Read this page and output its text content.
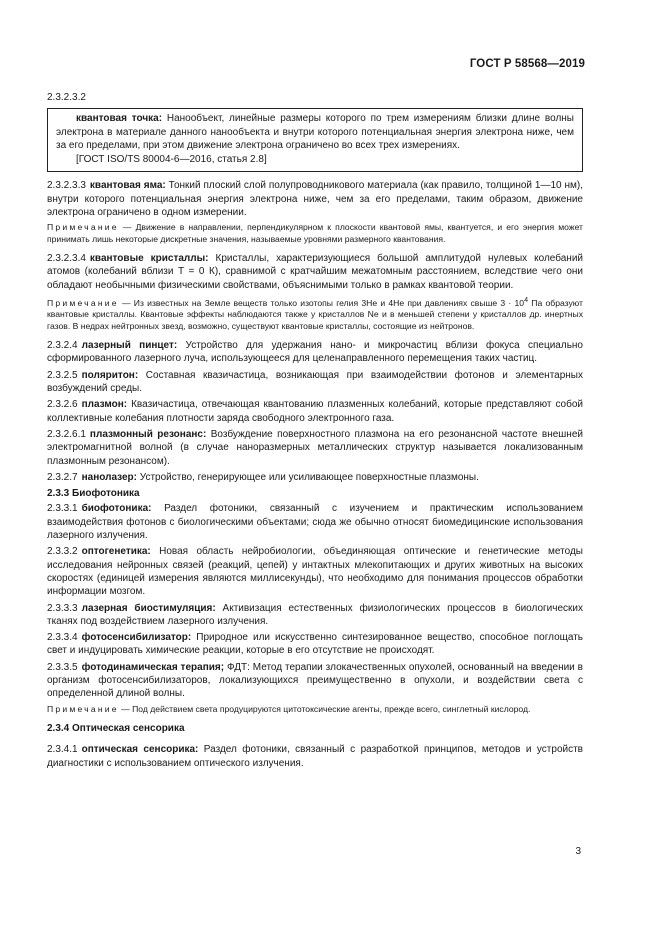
ГОСТ Р 58568—2019

2.3.2.3.2

квантовая точка: Нанообъект, линейные размеры которого по трем измерениям близки длине волны электрона в материале данного нанообъекта и внутри которого потенциальная энергия электрона ниже, чем за его пределами, при этом движение электрона ограничено во всех трех измерениях.

[ГОСТ ISO/TS 80004-6—2016, статья 2.8]

2.3.2.3.3 квантовая яма: Тонкий плоский слой полупроводникового материала (как правило, толщиной 1—10 нм), внутри которого потенциальная энергия электрона ниже, чем за его пределами, таким образом, движение электрона ограничено в одном измерении.

Примечание — Движение в направлении, перпендикулярном к плоскости квантовой ямы, квантуется, и его энергия может принимать лишь некоторые дискретные значения, называемые уровнями размерного квантования.

2.3.2.3.4 квантовые кристаллы: Кристаллы, характеризующиеся большой амплитудой нулевых колебаний атомов (колебаний вблизи T = 0 К), сравнимой с кратчайшим межатомным расстоянием, вследствие чего они обладают необычными физическими свойствами, объяснимыми только в рамках квантовой теории.

Примечание — Из известных на Земле веществ только изотопы гелия 3Не и 4Не при давлениях свыше $3 \cdot 10^4$ Па образуют квантовые кристаллы. Квантовые эффекты наблюдаются также у кристаллов Ne и в меньшей степени у кристаллов др. инертных газов. В недрах нейтронных звезд, возможно, существуют квантовые кристаллы, состоящие из нейтронов.

2.3.2.4 лазерный пинцет: Устройство для удержания нано- и микрочастиц вблизи фокуса специально сформированного лазерного луча, использующееся для целенаправленного перемещения таких частиц.

2.3.2.5 поляритон: Составная квазичастица, возникающая при взаимодействии фотонов и элементарных возбуждений среды.

2.3.2.6 плазмон: Квазичастица, отвечающая квантованию плазменных колебаний, которые представляют собой коллективные колебания плотности заряда свободного электронного газа.

2.3.2.6.1 плазмонный резонанс: Возбуждение поверхностного плазмона на его резонансной частоте внешней электромагнитной волной (в случае наноразмерных металлических структур называется локализованным плазмонным резонансом).

2.3.2.7 нанолазер: Устройство, генерирующее или усиливающее поверхностные плазмоны.

2.3.3 Биофотоника

2.3.3.1 биофотоника: Раздел фотоники, связанный с изучением и практическим использованием взаимодействия фотонов с биологическими объектами; сюда же обычно относят биомедицинские использования лазерного излучения.

2.3.3.2 оптогенетика: Новая область нейробиологии, объединяющая оптические и генетические методы исследования нейронных связей (реакций, цепей) у интактных млекопитающих и других животных на высоких скоростях (единицей измерения являются миллисекунды), что необходимо для понимания процессов обработки информации мозгом.

2.3.3.3 лазерная биостимуляция: Активизация естественных физиологических процессов в биологических тканях под воздействием лазерного излучения.

2.3.3.4 фотосенсибилизатор: Природное или искусственно синтезированное вещество, способное поглощать свет и индуцировать химические реакции, которые в его отсутствие не происходят.

2.3.3.5 фотодинамическая терапия; ФДТ: Метод терапии злокачественных опухолей, основанный на введении в организм фотосенсибилизаторов, локализующихся преимущественно в опухоли, и воздействии света с определенной длиной волны.

Примечание — Под действием света продуцируются цитотоксические агенты, прежде всего, синглетный кислород.

2.3.4 Оптическая сенсорика

2.3.4.1 оптическая сенсорика: Раздел фотоники, связанный с разработкой принципов, методов и устройств диагностики с использованием оптического излучения.

3
